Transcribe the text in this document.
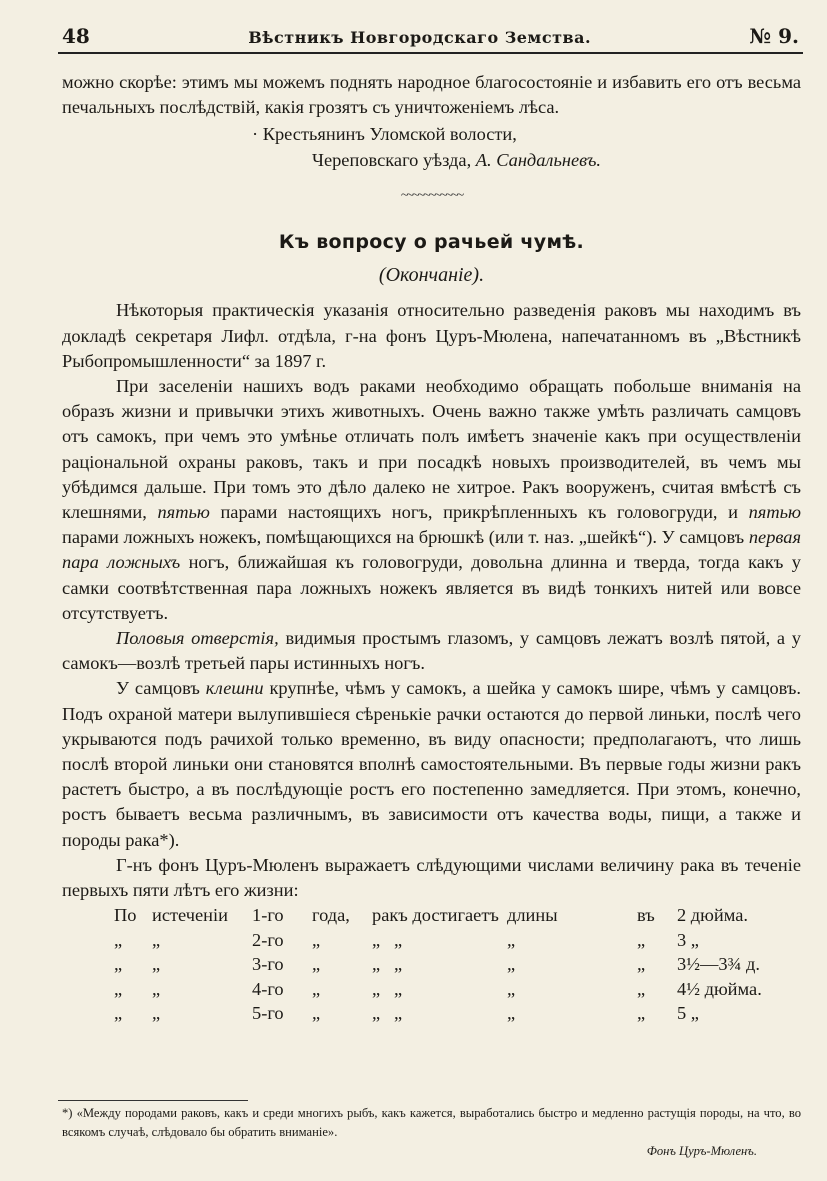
48	Вѣстникъ Новгородскаго Земства.	№ 9.

можно скорѣе: этимъ мы можемъ поднять народное благосостоянiе и избавить его отъ весьма печальныхъ послѣдствiй, какiя грозятъ съ уничтоженiемъ лѣса.

· Крестьянинъ Уломской волости,
Череповскаго уѣзда, А. Сандальневъ.
~~~~~~~~~~~
Къ вопросу о рачьей чумѣ.
(Окончанiе).

Нѣкоторыя практическiя указанiя относительно разведенiя раковъ мы находимъ въ докладѣ секретаря Лифл. отдѣла, г-на фонъ Цуръ-Мюлена, напечатанномъ въ „Вѣстникѣ Рыбопромышленности“ за 1897 г.

При заселенiи нашихъ водъ раками необходимо обращать побольше вниманiя на образъ жизни и привычки этихъ животныхъ. Очень важно также умѣть различать самцовъ отъ самокъ, при чемъ это умѣнье отличать полъ имѣетъ значенiе какъ при осуществленiи рацiональной охраны раковъ, такъ и при посадкѣ новыхъ производителей, въ чемъ мы убѣдимся дальше. При томъ это дѣло далеко не хитрое. Ракъ вооруженъ, считая вмѣстѣ съ клешнями, пятью парами настоящихъ ногъ, прикрѣпленныхъ къ головогруди, и пятью парами ложныхъ ножекъ, помѣщающихся на брюшкѣ (или т. наз. „шейкѣ“). У самцовъ первая пара ложныхъ ногъ, ближайшая къ головогруди, довольна длинна и тверда, тогда какъ у самки соотвѣтственная пара ложныхъ ножекъ является въ видѣ тонкихъ нитей или вовсе отсутствуетъ.

Половыя отверстiя, видимыя простымъ глазомъ, у самцовъ лежатъ возлѣ пятой, а у самокъ—возлѣ третьей пары истинныхъ ногъ.

У самцовъ клешни крупнѣе, чѣмъ у самокъ, а шейка у самокъ шире, чѣмъ у самцовъ. Подъ охраной матери вылупившiеся сѣренькiе рачки остаются до первой линьки, послѣ чего укрываются подъ рачихой только временно, въ виду опасности; предполагаютъ, что лишь послѣ второй линьки они становятся вполнѣ самостоятельными. Въ первые годы жизни ракъ растетъ быстро, а въ послѣдующiе ростъ его постепенно замедляется. При этомъ, конечно, ростъ бываетъ весьма различнымъ, въ зависимости отъ качества воды, пищи, а также и породы рака*).

Г-нъ фонъ Цуръ-Мюленъ выражаетъ слѣдующими числами величину рака въ теченiе первыхъ пяти лѣтъ его жизни:

По истеченiи	1-го	года,	ракъ достигаетъ длины	въ	2 дюйма.
„	„	2-го	„	„ „	„	„	3 „
„	„	3-го	„	„ „	„	„	3½—3¾ д.
„	„	4-го	„	„ „	„	„	4½ дюйма.
„	„	5-го	„	„ „	„	„	5 „
*) «Между породами раковъ, какъ и среди многихъ рыбъ, какъ кажется, выработались быстро и медленно растущiя породы, на что, во всякомъ случаѣ, слѣдовало бы обратить вниманiе».
Фонъ Цуръ-Мюленъ.
